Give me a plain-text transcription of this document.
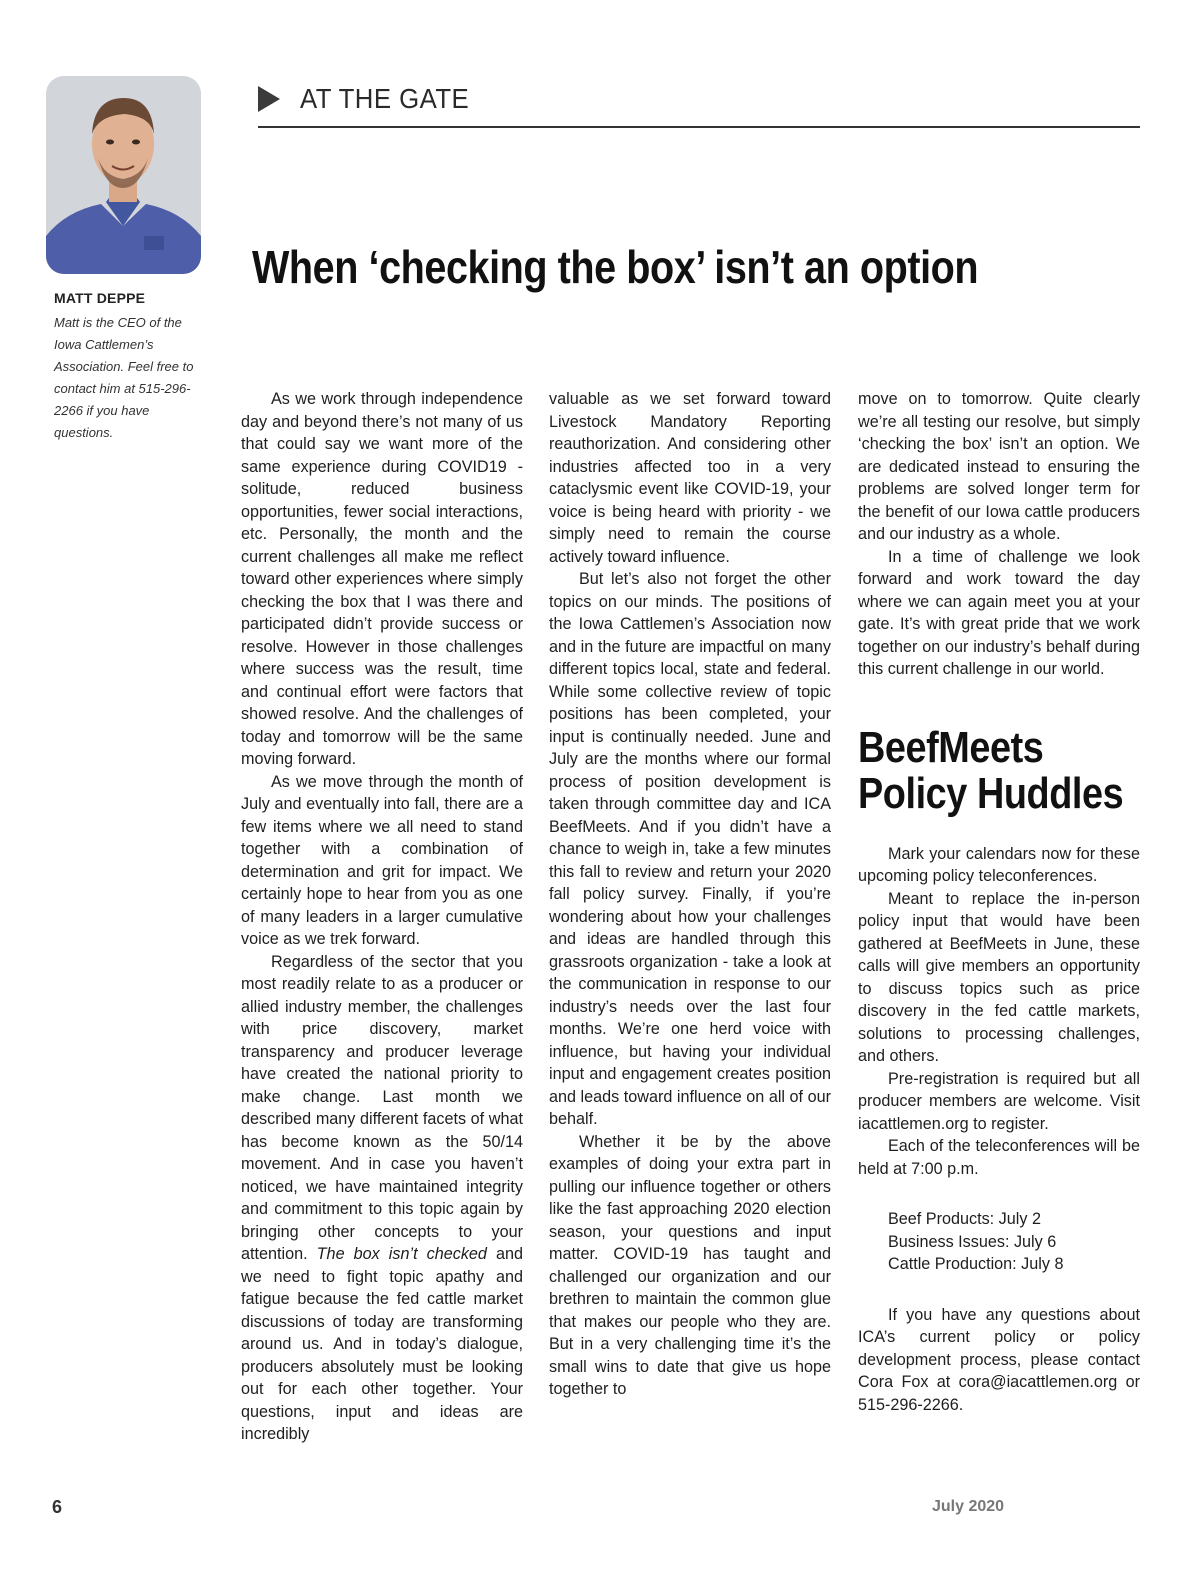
MATT DEPPE

Matt is the CEO of the Iowa Cattlemen’s Association. Feel free to contact him at 515-296-2266 if you have questions.

AT THE GATE
When ‘checking the box’ isn’t an option

As we work through independence day and beyond there’s not many of us that could say we want more of the same experience during COVID19 - solitude, reduced business opportunities, fewer social interactions, etc. Personally, the month and the current challenges all make me reflect toward other experiences where simply checking the box that I was there and participated didn’t provide success or resolve. However in those challenges where success was the result, time and continual effort were factors that showed resolve. And the challenges of today and tomorrow will be the same moving forward.

As we move through the month of July and eventually into fall, there are a few items where we all need to stand together with a combination of determination and grit for impact. We certainly hope to hear from you as one of many leaders in a larger cumulative voice as we trek forward.

Regardless of the sector that you most readily relate to as a producer or allied industry member, the challenges with price discovery, market transparency and producer leverage have created the national priority to make change. Last month we described many different facets of what has become known as the 50/14 movement. And in case you haven’t noticed, we have maintained integrity and commitment to this topic again by bringing other concepts to your attention. The box isn’t checked and we need to fight topic apathy and fatigue because the fed cattle market discussions of today are transforming around us. And in today’s dialogue, producers absolutely must be looking out for each other together. Your questions, input and ideas are incredibly

valuable as we set forward toward Livestock Mandatory Reporting reauthorization. And considering other industries affected too in a very cataclysmic event like COVID-19, your voice is being heard with priority - we simply need to remain the course actively toward influence.

But let’s also not forget the other topics on our minds. The positions of the Iowa Cattlemen’s Association now and in the future are impactful on many different topics local, state and federal. While some collective review of topic positions has been completed, your input is continually needed. June and July are the months where our formal process of position development is taken through committee day and ICA BeefMeets. And if you didn’t have a chance to weigh in, take a few minutes this fall to review and return your 2020 fall policy survey. Finally, if you’re wondering about how your challenges and ideas are handled through this grassroots organization - take a look at the communication in response to our industry’s needs over the last four months. We’re one herd voice with influence, but having your individual input and engagement creates position and leads toward influence on all of our behalf.

Whether it be by the above examples of doing your extra part in pulling our influence together or others like the fast approaching 2020 election season, your questions and input matter. COVID-19 has taught and challenged our organization and our brethren to maintain the common glue that makes our people who they are. But in a very challenging time it’s the small wins to date that give us hope together to

move on to tomorrow. Quite clearly we’re all testing our resolve, but simply ‘checking the box’ isn’t an option. We are dedicated instead to ensuring the problems are solved longer term for the benefit of our Iowa cattle producers and our industry as a whole.

In a time of challenge we look forward and work toward the day where we can again meet you at your gate. It’s with great pride that we work together on our industry’s behalf during this current challenge in our world.

BeefMeets
Policy Huddles

Mark your calendars now for these upcoming policy teleconferences.

Meant to replace the in-person policy input that would have been gathered at BeefMeets in June, these calls will give members an opportunity to discuss topics such as price discovery in the fed cattle markets, solutions to processing challenges, and others.

Pre-registration is required but all producer members are welcome. Visit iacattlemen.org to register.

Each of the teleconferences will be held at 7:00 p.m.

Beef Products: July 2
Business Issues: July 6
Cattle Production: July 8

If you have any questions about ICA’s current policy or policy development process, please contact Cora Fox at cora@iacattlemen.org or 515-296-2266.

6	July 2020
